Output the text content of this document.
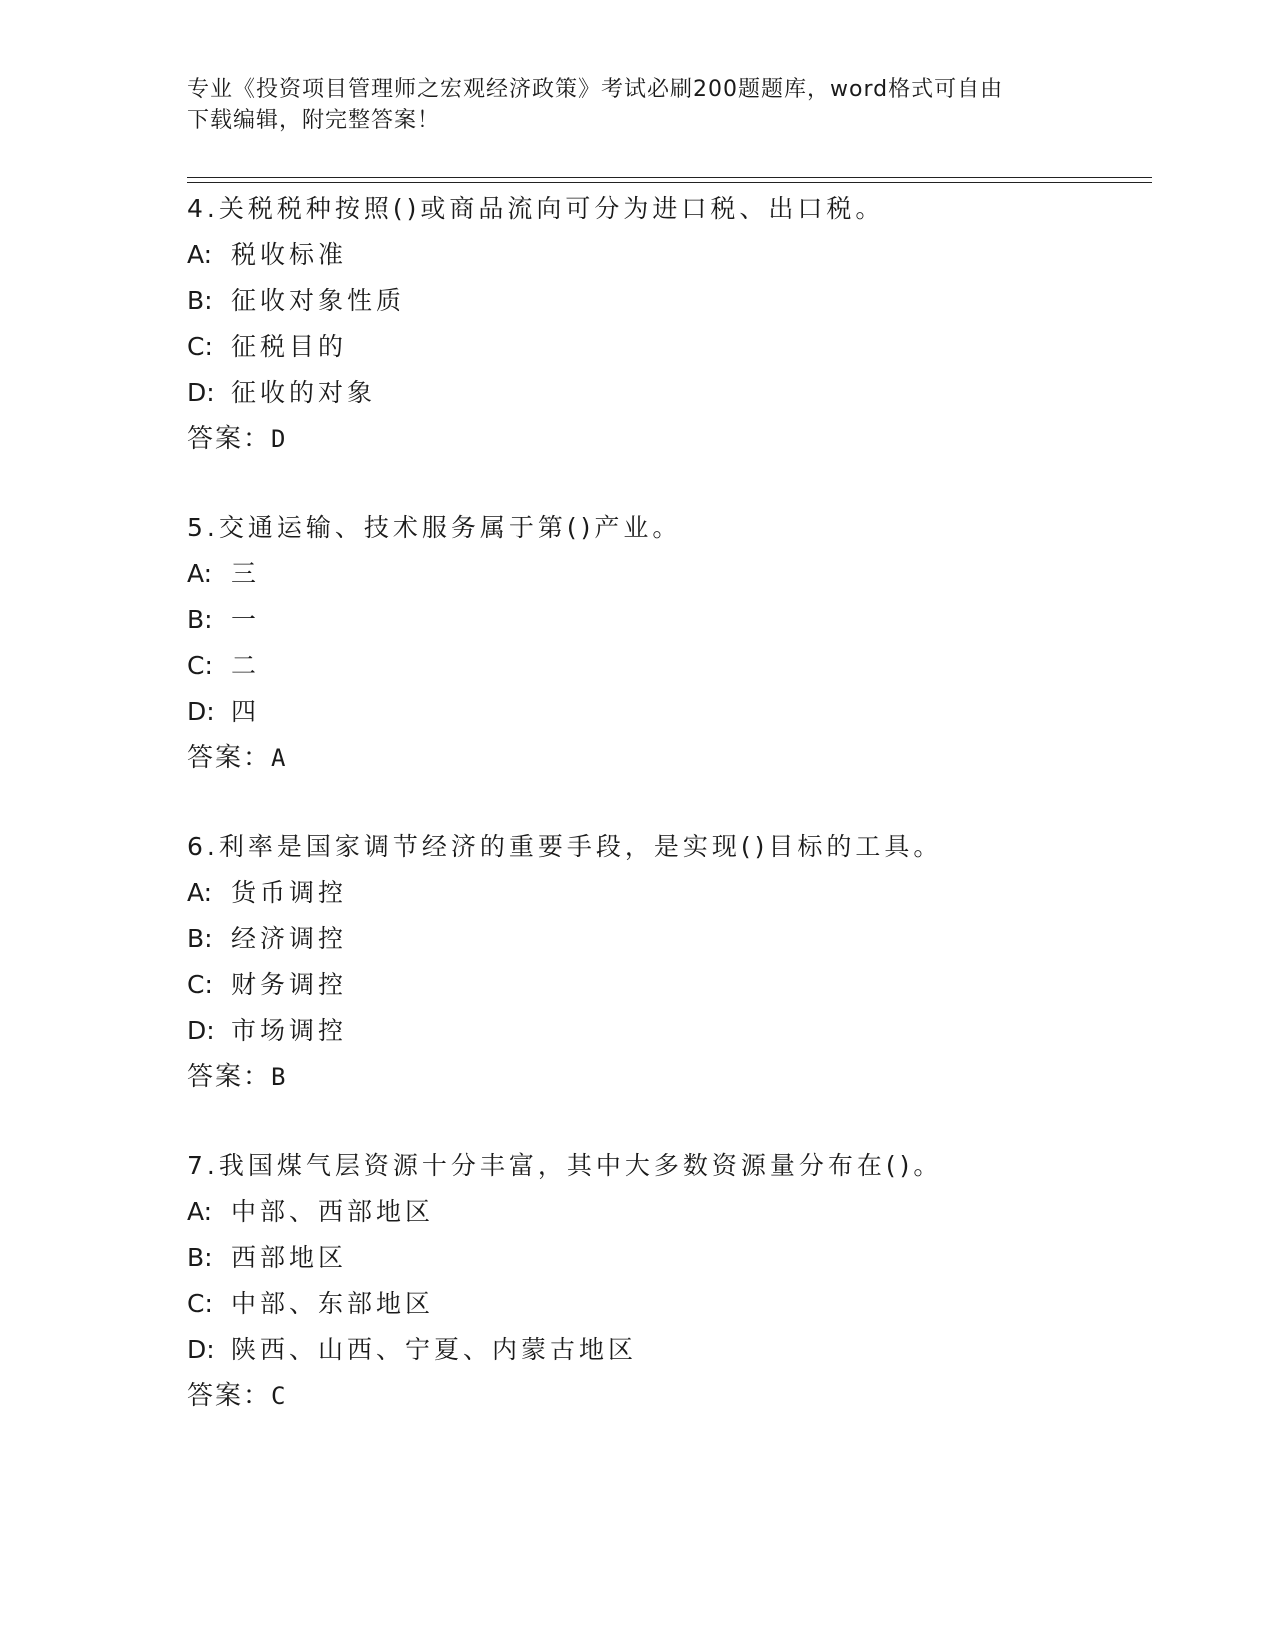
专业《投资项目管理师之宏观经济政策》考试必刷200题题库，word格式可自由
下载编辑，附完整答案！
4.关税税种按照()或商品流向可分为进口税、出口税。
A: 税收标准
B: 征收对象性质
C: 征税目的
D: 征收的对象
答案：D
5.交通运输、技术服务属于第()产业。
A: 三
B: 一
C: 二
D: 四
答案：A
6.利率是国家调节经济的重要手段，是实现()目标的工具。
A: 货币调控
B: 经济调控
C: 财务调控
D: 市场调控
答案：B
7.我国煤气层资源十分丰富，其中大多数资源量分布在()。
A: 中部、西部地区
B: 西部地区
C: 中部、东部地区
D: 陕西、山西、宁夏、内蒙古地区
答案：C
